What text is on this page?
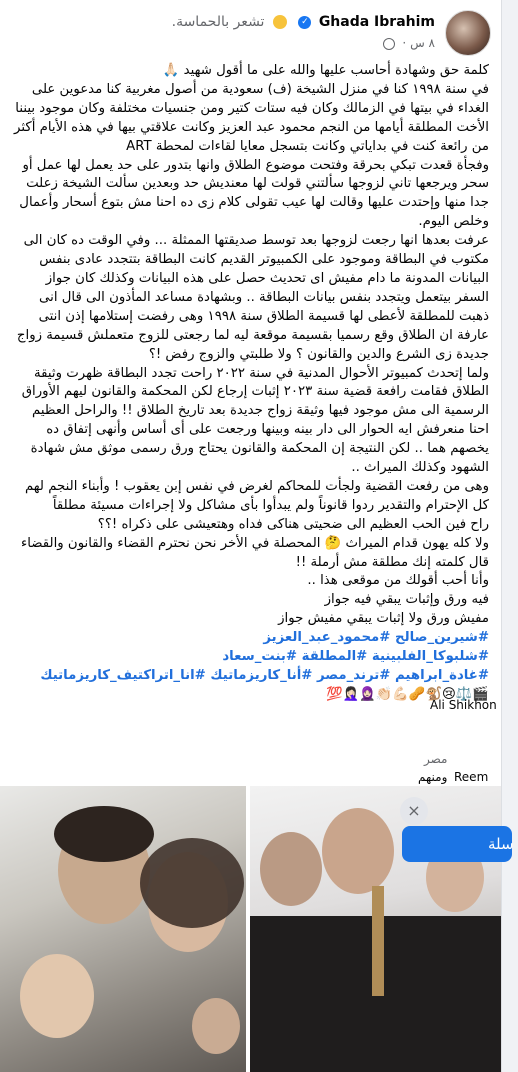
Ghada Ibrahim ✓  تشعر بالحماسة.
٨ س ·

كلمة حق وشهادة أحاسب عليها والله على ما أقول شهيد 🙏🏻

في سنة ١٩٩٨ كنا في منزل الشيخة (ف) سعودية من أصول مغربية كنا مدعوين على الغداء في بيتها في الزمالك وكان فيه ستات كتير ومن جنسيات مختلفة وكان موجود بيننا الأخت المطلقة أيامها من النجم محمود عبد العزيز وكانت علاقتي بيها في هذه الأيام أكثر من رائعة كنت في بداياتي وكانت بتسجل معايا لقاءات لمحطة ART

وفجأة قعدت تبكي بحرقة وفتحت موضوع الطلاق وانها بتدور على حد يعمل لها عمل أو سحر ويرجعها تاني لزوجها سألتني قولت لها معنديش حد وبعدين سألت الشيخة زعلت جدا منها وإحتدت عليها وقالت لها عيب تقولى كلام زى ده احنا مش بتوع أسحار وأعمال وخلص اليوم.

عرفت بعدها انها رجعت لزوجها بعد توسط صديقتها الممثلة ... وفي الوقت ده كان الى مكتوب في البطاقة وموجود على الكمبيوتر القديم كانت البطاقة بتتجدد عادى بنفس البيانات المدونة ما دام مفيش اى تحديث حصل على هذه البيانات وكذلك كان جواز السفر بيتعمل ويتجدد بنفس بيانات البطاقة .. وبشهادة مساعد المأذون الى قال انى ذهبت للمطلقة لأعطى لها قسيمة الطلاق سنة ١٩٩٨ وهى رفضت إستلامها إذن انتى عارفة ان الطلاق وقع رسميا بقسيمة موقعة ليه لما رجعتى للزوج متعملش قسيمة زواج جديدة زى الشرع والدين والقانون ؟ ولا طلبتي والزوج رفض !؟

ولما إتحدث كمبيوتر الأحوال المدنية في سنة ٢٠٢٢ راحت تجدد البطاقة ظهرت وثيقة الطلاق فقامت رافعة قضية سنة ٢٠٢٣ إثبات إرجاع لكن المحكمة والقانون ليهم الأوراق الرسمية الى مش موجود فيها وثيقة زواج جديدة بعد تاريخ الطلاق !! والراحل العظيم احنا منعرفش ايه الحوار الى دار بينه وبينها ورجعت على أى أساس وأنهى إتفاق ده يخصهم هما .. لكن النتيجة إن المحكمة والقانون يحتاج ورق رسمى موثق مش شهادة الشهود وكذلك الميراث ..

وهى من رفعت القضية ولجأت للمحاكم لغرض في نفس إبن يعقوب ! وأبناء النجم لهم كل الإحترام والتقدير ردوا قانوناً ولم يبدأوا بأى مشاكل ولا إجراءات مسيئة مطلقاً

راح فين الحب العظيم الى ضحيتى هناكى فداه وهتعيشى على ذكراه !؟؟

ولا كله يهون قدام الميراث 🤔 المحصلة في الأخر نحن نحترم القضاء والقانون والقضاء قال كلمته إنك مطلقة مش أرملة !!

وأنا أحب أقولك من موقعى هذا ..

فيه ورق وإثبات يبقي فيه جواز

مفيش ورق ولا إثبات يبقي مفيش جواز

#شيرين_صالح #محمود_عبد_العزيز

#شلبوكا_الفلبينية #المطلقة #بنت_سعاد

#غادة_ابراهيم #ترند_مصر #أنا_كاريزماتيك #انا_اتراكتيف_كاريزماتيك

🎬⚖️😢🐒🥜💪🏻👏🏻🧕🏻🤦🏻‍♀️💯

Ali Shikhon
ومنهم Reem
مصر
×
سلة
